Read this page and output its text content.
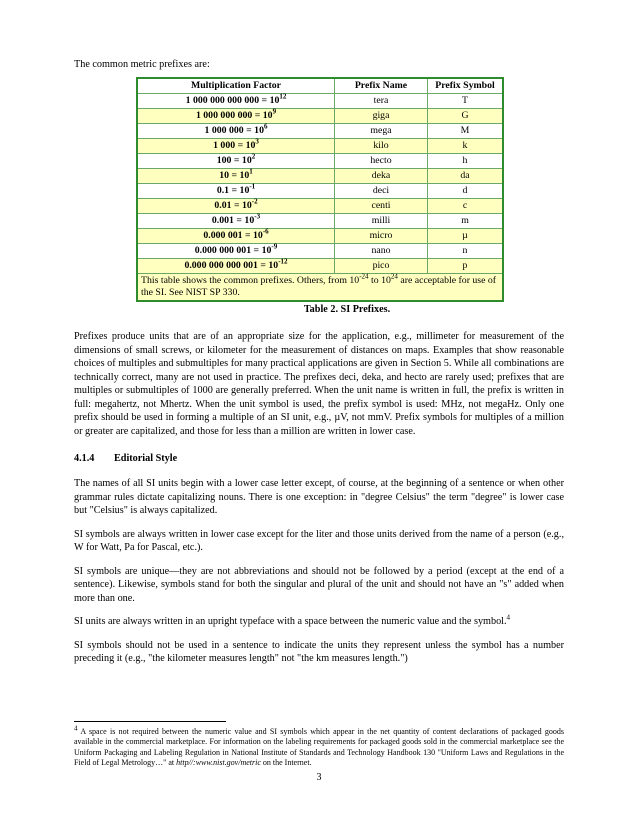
The common metric prefixes are:

Multiplication Factor	Prefix Name	Prefix Symbol
1 000 000 000 $000 = 10^{12}$	tera	T
1 000 000 $000 = 10^9$	giga	G
1 000 $000 = 10^6$	mega	M
1 $000 = 10^3$	kilo	k
$100 = 10^2$	hecto	h
$10 = 10^1$	deka	da
$0.1 = 10^{-1}$	deci	d
$0.01 = 10^{-2}$	centi	c
$0.001 = 10^{-3}$	milli	m
0.000 $001 = 10^{-6}$	micro	µ
0.000 000 $001 = 10^{-9}$	nano	n
0.000 000 000 $001 = 10^{-12}$	pico	p
This table shows the common prefixes. Others, from $10^{-24}$ to $10^{24}$ are acceptable for use of the SI. See NIST SP 330.		

Table 2. SI Prefixes.

Prefixes produce units that are of an appropriate size for the application, e.g., millimeter for measurement of the dimensions of small screws, or kilometer for the measurement of distances on maps. Examples that show reasonable choices of multiples and submultiples for many practical applications are given in Section 5. While all combinations are technically correct, many are not used in practice. The prefixes deci, deka, and hecto are rarely used; prefixes that are multiples or submultiples of 1000 are generally preferred. When the unit name is written in full, the prefix is written in full: megahertz, not Mhertz. When the unit symbol is used, the prefix symbol is used: MHz, not megaHz. Only one prefix should be used in forming a multiple of an SI unit, e.g., µV, not mmV. Prefix symbols for multiples of a million or greater are capitalized, and those for less than a million are written in lower case.

4.1.4 Editorial Style

The names of all SI units begin with a lower case letter except, of course, at the beginning of a sentence or when other grammar rules dictate capitalizing nouns. There is one exception: in "degree Celsius" the term "degree" is lower case but "Celsius" is always capitalized.

SI symbols are always written in lower case except for the liter and those units derived from the name of a person (e.g., W for Watt, Pa for Pascal, etc.).

SI symbols are unique—they are not abbreviations and should not be followed by a period (except at the end of a sentence). Likewise, symbols stand for both the singular and plural of the unit and should not have an "s" added when more than one.

SI units are always written in an upright typeface with a space between the numeric value and the symbol.$^4$

SI symbols should not be used in a sentence to indicate the units they represent unless the symbol has a number preceding it (e.g., "the kilometer measures length" not "the km measures length.")

$^4$ A space is not required between the numeric value and SI symbols which appear in the net quantity of content declarations of packaged goods available in the commercial marketplace. For information on the labeling requirements for packaged goods sold in the commercial marketplace see the Uniform Packaging and Labeling Regulation in National Institute of Standards and Technology Handbook 130 "Uniform Laws and Regulations in the Field of Legal Metrology…" at http//:www.nist.gov/metric on the Internet.

3
